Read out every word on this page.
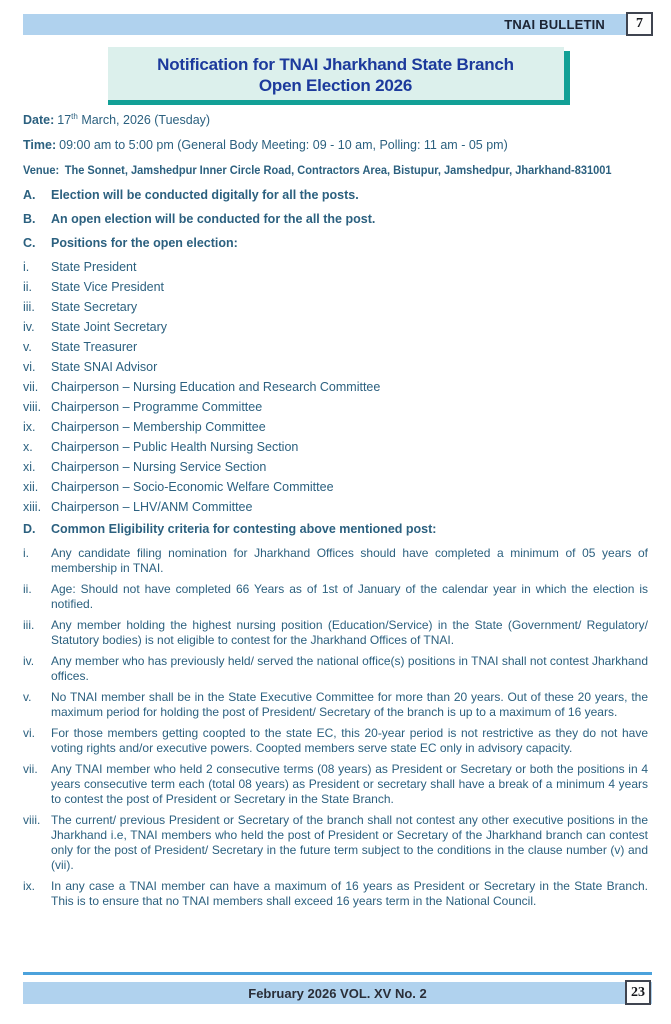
TNAI BULLETIN	7
Notification for TNAI Jharkhand State Branch
Open Election 2026

Date: 17th March, 2026 (Tuesday)

Time: 09:00 am to 5:00 pm (General Body Meeting: 09 - 10 am, Polling: 11 am - 05 pm)

Venue: The Sonnet, Jamshedpur Inner Circle Road, Contractors Area, Bistupur, Jamshedpur, Jharkhand-831001

A.	Election will be conducted digitally for all the posts.
B.	An open election will be conducted for the all the post.
C.	Positions for the open election:
i.	State President
ii.	State Vice President
iii.	State Secretary
iv.	State Joint Secretary
v.	State Treasurer
vi.	State SNAI Advisor
vii.	Chairperson – Nursing Education and Research Committee
viii. Chairperson – Programme Committee
ix.	Chairperson – Membership Committee
x.	Chairperson – Public Health Nursing Section
xi.	Chairperson – Nursing Service Section
xii.	Chairperson – Socio-Economic Welfare Committee
xiii. Chairperson – LHV/ANM Committee
D.	Common Eligibility criteria for contesting above mentioned post:
i.	Any candidate filing nomination for Jharkhand Offices should have completed a minimum of 05 years of membership in TNAI.
ii.	Age: Should not have completed 66 Years as of 1st of January of the calendar year in which the election is notified.
iii.	Any member holding the highest nursing position (Education/Service) in the State (Government/ Regulatory/ Statutory bodies) is not eligible to contest for the Jharkhand Offices of TNAI.
iv.	Any member who has previously held/ served the national office(s) positions in TNAI shall not contest Jharkhand offices.
v.	No TNAI member shall be in the State Executive Committee for more than 20 years. Out of these 20 years, the maximum period for holding the post of President/ Secretary of the branch is up to a maximum of 16 years.
vi.	For those members getting coopted to the state EC, this 20-year period is not restrictive as they do not have voting rights and/or executive powers. Coopted members serve state EC only in advisory capacity.
vii.	Any TNAI member who held 2 consecutive terms (08 years) as President or Secretary or both the positions in 4 years consecutive term each (total 08 years) as President or secretary shall have a break of a minimum 4 years to contest the post of President or Secretary in the State Branch.
viii. The current/ previous President or Secretary of the branch shall not contest any other executive positions in the Jharkhand i.e, TNAI members who held the post of President or Secretary of the Jharkhand branch can contest only for the post of President/ Secretary in the future term subject to the conditions in the clause number (v) and (vii).
ix.	In any case a TNAI member can have a maximum of 16 years as President or Secretary in the State Branch. This is to ensure that no TNAI members shall exceed 16 years term in the National Council.
February 2026 VOL. XV No. 2	23
